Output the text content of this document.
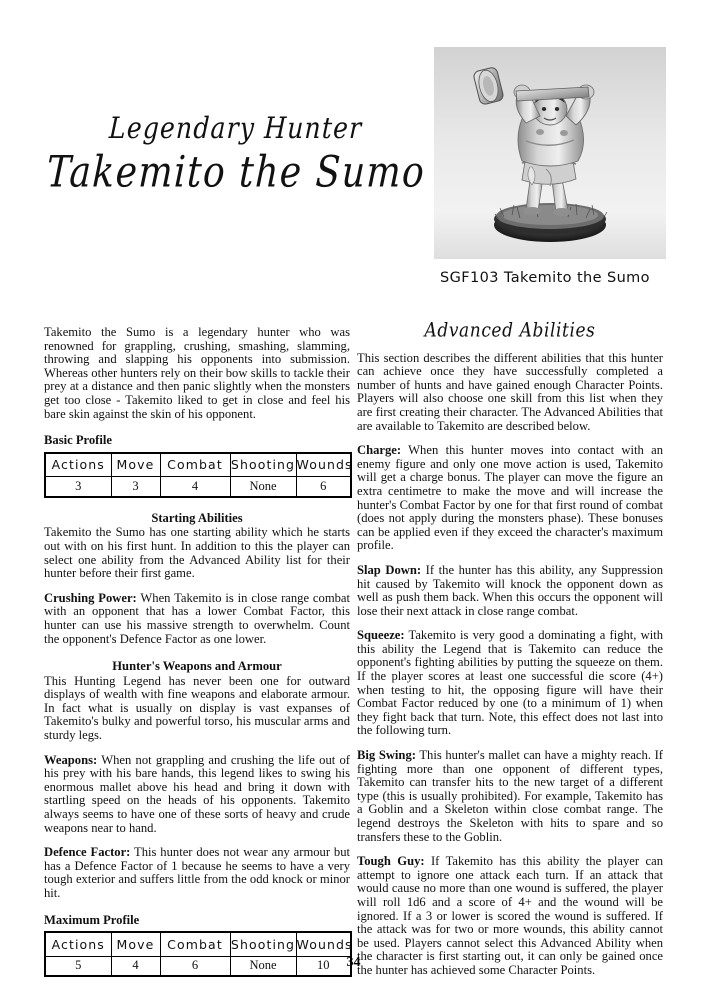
Legendary Hunter
Takemito the Sumo
SGF103 Takemito the Sumo

Takemito the Sumo is a legendary hunter who was renowned for grappling, crushing, smashing, slamming, throwing and slapping his opponents into submission. Whereas other hunters rely on their bow skills to tackle their prey at a distance and then panic slightly when the monsters get too close - Takemito liked to get in close and feel his bare skin against the skin of his opponent.

Basic Profile
Actions	Move	Combat	Shooting	Wounds
3	3	4	None	6
Starting Abilities

Takemito the Sumo has one starting ability which he starts out with on his first hunt. In addition to this the player can select one ability from the Advanced Ability list for their hunter before their first game.

Crushing Power: When Takemito is in close range combat with an opponent that has a lower Combat Factor, this hunter can use his massive strength to overwhelm. Count the opponent's Defence Factor as one lower.

Hunter's Weapons and Armour

This Hunting Legend has never been one for outward displays of wealth with fine weapons and elaborate armour. In fact what is usually on display is vast expanses of Takemito's bulky and powerful torso, his muscular arms and sturdy legs.

Weapons: When not grappling and crushing the life out of his prey with his bare hands, this legend likes to swing his enormous mallet above his head and bring it down with startling speed on the heads of his opponents. Takemito always seems to have one of these sorts of heavy and crude weapons near to hand.

Defence Factor: This hunter does not wear any armour but has a Defence Factor of 1 because he seems to have a very tough exterior and suffers little from the odd knock or minor hit.

Maximum Profile
Actions	Move	Combat	Shooting	Wounds
5	4	6	None	10
Advanced Abilities

This section describes the different abilities that this hunter can achieve once they have successfully completed a number of hunts and have gained enough Character Points. Players will also choose one skill from this list when they are first creating their character. The Advanced Abilities that are available to Takemito are described below.

Charge: When this hunter moves into contact with an enemy figure and only one move action is used, Takemito will get a charge bonus. The player can move the figure an extra centimetre to make the move and will increase the hunter's Combat Factor by one for that first round of combat (does not apply during the monsters phase). These bonuses can be applied even if they exceed the character's maximum profile.

Slap Down: If the hunter has this ability, any Suppression hit caused by Takemito will knock the opponent down as well as push them back. When this occurs the opponent will lose their next attack in close range combat.

Squeeze: Takemito is very good a dominating a fight, with this ability the Legend that is Takemito can reduce the opponent's fighting abilities by putting the squeeze on them. If the player scores at least one successful die score (4+) when testing to hit, the opposing figure will have their Combat Factor reduced by one (to a minimum of 1) when they fight back that turn. Note, this effect does not last into the following turn.

Big Swing: This hunter's mallet can have a mighty reach. If fighting more than one opponent of different types, Takemito can transfer hits to the new target of a different type (this is usually prohibited). For example, Takemito has a Goblin and a Skeleton within close combat range. The legend destroys the Skeleton with hits to spare and so transfers these to the Goblin.

Tough Guy: If Takemito has this ability the player can attempt to ignore one attack each turn. If an attack that would cause no more than one wound is suffered, the player will roll 1d6 and a score of 4+ and the wound will be ignored. If a 3 or lower is scored the wound is suffered. If the attack was for two or more wounds, this ability cannot be used. Players cannot select this Advanced Ability when the character is first starting out, it can only be gained once the hunter has achieved some Character Points.

34
